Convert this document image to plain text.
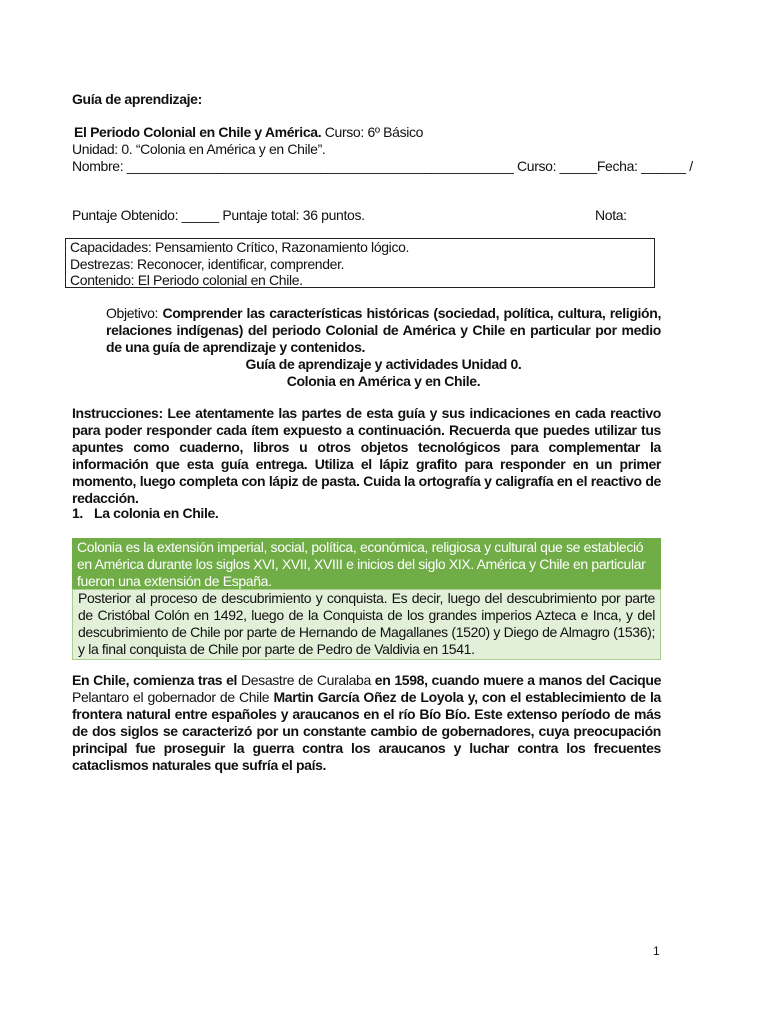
Guía de aprendizaje:
El Periodo Colonial en Chile y América. Curso: 6º Básico
Unidad: 0. “Colonia en América y en Chile”.
Nombre: ____________________________________________________ Curso: _____Fecha: ______ /
Puntaje Obtenido: _____ Puntaje total: 36 puntos.	Nota:
Capacidades: Pensamiento Crítico, Razonamiento lógico.
Destrezas: Reconocer, identificar, comprender.
Contenido: El Periodo colonial en Chile.
Objetivo: Comprender las características históricas (sociedad, política, cultura, religión, relaciones indígenas) del periodo Colonial de América y Chile en particular por medio de una guía de aprendizaje y contenidos.
Guía de aprendizaje y actividades Unidad 0.
Colonia en América y en Chile.
Instrucciones: Lee atentamente las partes de esta guía y sus indicaciones en cada reactivo para poder responder cada ítem expuesto a continuación. Recuerda que puedes utilizar tus apuntes como cuaderno, libros u otros objetos tecnológicos para complementar la información que esta guía entrega. Utiliza el lápiz grafito para responder en un primer momento, luego completa con lápiz de pasta. Cuida la ortografía y caligrafía en el reactivo de redacción.
1. La colonia en Chile.
Colonia es la extensión imperial, social, política, económica, religiosa y cultural que se estableció en América durante los siglos XVI, XVII, XVIII e inicios del siglo XIX. América y Chile en particular fueron una extensión de España.
Posterior al proceso de descubrimiento y conquista. Es decir, luego del descubrimiento por parte de Cristóbal Colón en 1492, luego de la Conquista de los grandes imperios Azteca e Inca, y del descubrimiento de Chile por parte de Hernando de Magallanes (1520) y Diego de Almagro (1536); y la final conquista de Chile por parte de Pedro de Valdivia en 1541.
En Chile, comienza tras el Desastre de Curalaba en 1598, cuando muere a manos del Cacique Pelantaro el gobernador de Chile Martin García Oñez de Loyola y, con el establecimiento de la frontera natural entre españoles y araucanos en el río Bío Bío. Este extenso período de más de dos siglos se caracterizó por un constante cambio de gobernadores, cuya preocupación principal fue proseguir la guerra contra los araucanos y luchar contra los frecuentes cataclismos naturales que sufría el país.
1
